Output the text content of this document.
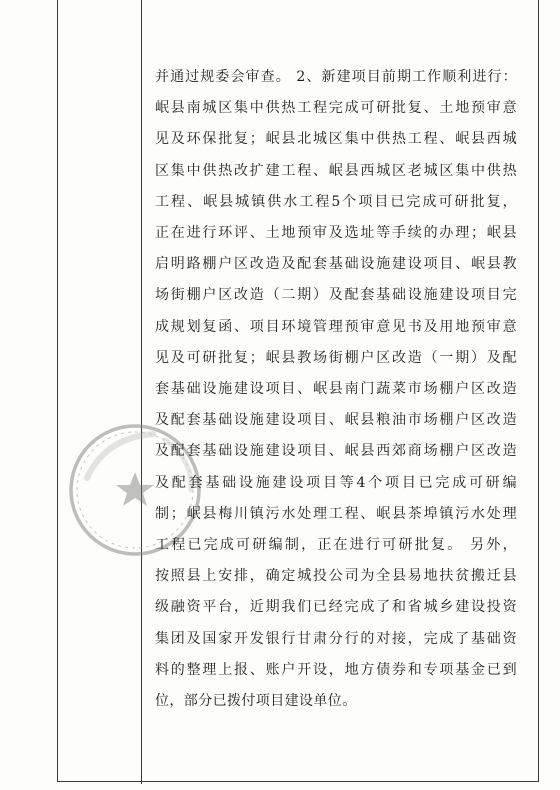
并通过规委会审查。 2、新建项目前期工作顺利进行：
岷县南城区集中供热工程完成可研批复、土地预审意
见及环保批复；岷县北城区集中供热工程、岷县西城
区集中供热改扩建工程、岷县西城区老城区集中供热
工程、岷县城镇供水工程5个项目已完成可研批复，
正在进行环评、土地预审及选址等手续的办理；岷县
启明路棚户区改造及配套基础设施建设项目、岷县教
场街棚户区改造（二期）及配套基础设施建设项目完
成规划复函、项目环境管理预审意见书及用地预审意
见及可研批复；岷县教场街棚户区改造（一期）及配
套基础设施建设项目、岷县南门蔬菜市场棚户区改造
及配套基础设施建设项目、岷县粮油市场棚户区改造
及配套基础设施建设项目、岷县西郊商场棚户区改造
及配套基础设施建设项目等4个项目已完成可研编
制；岷县梅川镇污水处理工程、岷县茶埠镇污水处理
工程已完成可研编制，正在进行可研批复。 另外，
按照县上安排，确定城投公司为全县易地扶贫搬迁县
级融资平台，近期我们已经完成了和省城乡建设投资
集团及国家开发银行甘肃分行的对接，完成了基础资
料的整理上报、账户开设，地方债券和专项基金已到
位，部分已拨付项目建设单位。
